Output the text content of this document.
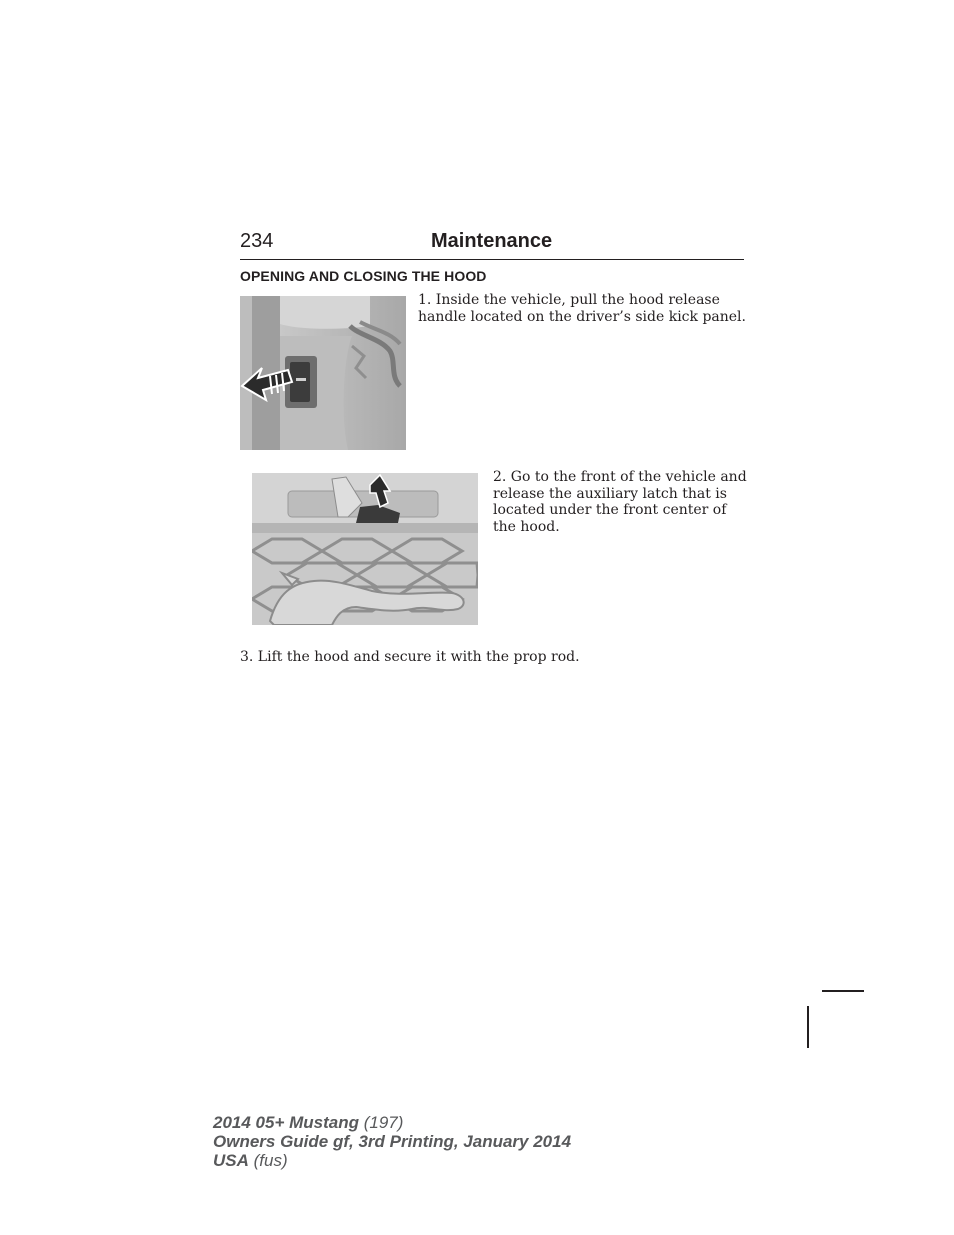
234	Maintenance
OPENING AND CLOSING THE HOOD
1. Inside the vehicle, pull the hood release handle located on the driver’s side kick panel.
2. Go to the front of the vehicle and release the auxiliary latch that is located under the front center of the hood.
3. Lift the hood and secure it with the prop rod.
2014 05+ Mustang (197)
Owners Guide gf, 3rd Printing, January 2014
USA (fus)
